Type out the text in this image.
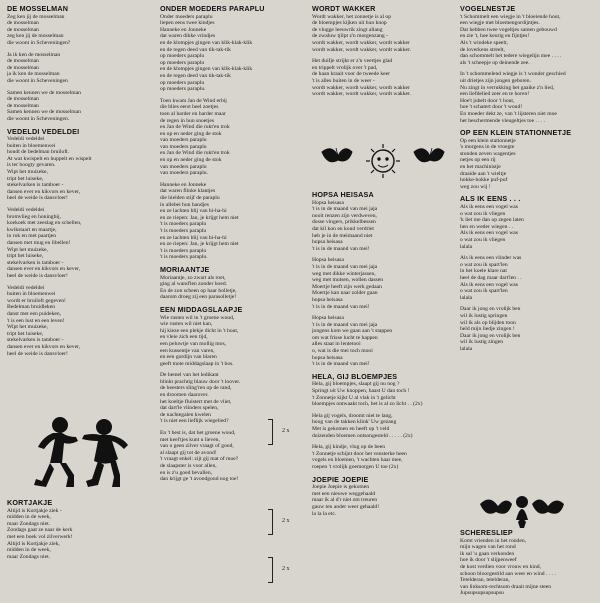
DE MOSSELMAN
Zeg ken jij de mosselman
de mosselman
de mosselman
zeg ken jij de mosselman
die woont in Scheveningen?
Ja ik ken de mosselman
de mosselman
de mosselman
ja ik ken de mosselman
die woont in Scheveningen
Samen kennen we de mosselman
de mosselman
de mosselman
Samen kennen we de mosselman
die woont in Scheveningen.
VEDELDI VEDELDEI
Vedeldi vedeldei
buiten in bloemenwei
houdt de bedelman bruiloft.
At wat kwispelt en huppelt en wispelt
is ter hoogty gevaren.
Wipt het muizeke,
tript het luiseke,
stekelvarken is tamboer -
dansen ever en kikvors en kever,
heel de weide is dansvloer!
Vedeldi vedeldei
bromvlieg en honingbij,
koekoek met zeeslag en schellen,
kwikstaart en maartje,
in rok en met paartjen
dansen met mug en libellen!
Wipt het muizeke,
tript het luiseke,
stekelvarken is tamboer -
dansen ever en kikvors en kever,
heel de weide is dansvloer!
Vedeldi vedeldei
buiten in bloemenwei
wordt er bruiloft gegeven!
Bedelman bruidleken
danst met een puideken,
't is een lust en een leven!
Wipt het muizeke,
tript het luiseke,
stekelvarken is tamboer -
dansen ever en kikvors en kever,
heel de weide is dansvloer!
KORTJAKJE
Altijd is Kortjakje ziek -
midden in de week,
maar Zondags niet.
Zondags gaat ze naar de kerk
met een boek vol zilverwerk!
Altijd is Kortjakje ziek,
midden in de week,
maar Zondags niet.
ONDER MOEDERS PARAPLU
Onder moeders paraplu
liepen eens twee kindjes
Hanneke en Jonneke
dat waren dikke vrindjes
en de klompjes gingen van klik-klak-klik
en de regen deed van tik-tak-tik
op moeders paraplu
op moeders paraplu
en de klompjes gingen van klik-klak-klik
en de regen deed van tik-tak-tik
op moeders paraplu
op moeders paraplu.
Toen kwam Jan de Wind erbij
die blies eerst heel zoetjes
toen al harder en harder maar
de regen in hun snoetjes
en Jan de Wind die rukt'en trok
en op en neder ging de stok
van moeders paraplu
van moeders paraplu
en Jan de Wind die rukt'en trok
en op en neder ging de stok
van moeders paraplu
van moeders paraplu.
Hanneke en Jonneke
dat waren flinke klantjes
die hielden stijf de paraplu
in allebei hun handjes
en ze lachten blij van hi-ha-hi
en ze riepen: Jan, je krijgt hem niet
't is moeders paraplu
't is moeders paraplu
en ze lachten blij van hi-ha-hi
en ze riepen: Jan, je krijgt hem niet
't is moeders paraplu
't is moeders paraplu.
MORIAANTJE
Moriaantje, zo zwart als roet,
ging al wand'len zonder hoed.
En de zon scheen op haar bolletje,
daarom droeg zij een parasolletje!
EEN MIDDAGSLAAPJE
Wie rusten wil in 't groene woud,
wie rusten wil niet kan,
hij kieze een plekje dicht in 't hout,
en vleie zich een tijd,
een peluwtje van mollig mos,
een kussentje van varen,
en een gordijn van blaren
geeft mote middagslaap in 't bos.
De hemel van het ledikant
blinkt prachtig blauw door 't loover.
de heesters sling'ren op de rand,
en droomen daarover.
het koeltje fluistert met de vliet,
dat dart'le vlinders spelen,
de nachtegalen kwelen
't is niet een lieflijk wiegelied?
En 't best is, dat het groene woud,
met keel'tjes kunt u lieven,
van u geen zilver vraagt of goud,
al slaapt gij tot de avond!
't vraagt enkel: zijt gij mat of moe?
de slaapster is voor allen,
en is z'u goed bevallen,
dan krijgt ge 't avondgoud nog toe!
2 x
2 x
2 x
WORDT WAKKER
Wordt wakker, het zonnetje is al op
de bloempjes kijken uit hun knop
de vlugge leeuwrik zingt allang
de zwaluw tjilpt z'n morgenzang -
wordt wakker, wordt wakker, wordt wakker
wordt wakker, wordt wakker, wordt wakker.
Het duifje strijkt er z'n veertjes glad
en trippelt vrolijk over 't pad,
de haan kraait voor de tweede keer
't is alles buiten in de weer -
wordt wakker, wordt wakker, wordt wakker
wordt wakker, wordt wakker, wordt wakker.
HOPSA HEISASA
Hopsa heisasa
't is in de maand van mei jaja
nooit renzen zijn verdweven,
dosse vingers, prikkelbessen
dat kil kon en koud verdriet
heb je in de meimaand niet
hopsa heisasa
't is in de maand van mei!
Hopsa heisasa
't is in de maand van mei jaja
weg met dikke winterjassen,
weg met mutsen, wollen dassen
Moertje heeft zijn werk gedaan
Moertje kan naar zolder gaan
hopsa heisasa
't is in de maand van mei!
Hopsa heisasa
't is in de maand van mei jaja
jongens kom we gaan aan 't stappen
om wat frisse lucht te happen
alles staat in lentetooi
o, wat is die mei toch mooi
hopsa heisasa
't is in de maand van mei!
HELA, GIJ BLOEMPJES
Hela, gij bloempjes, slaapt gij nu nog ?
Springt uit Uw knoppen, haast U dan toch !
't Zonnetje kijkt U al vlak in 't gelicht
bloempjes ontwaakt toch, het is al zo licht . . (2x)
Hela gij vogels, droomt niet te lang,
hoog van de takken klink' Uw gezang
Met is gekomen en heeft op 't veld
duizenden bloemen ontsongesteld . . . . . (2x)
Hela, gij kindje, vlug op de been
't Zonnetje schijnt door het vensterke heen
vogels en bloemen, 't wachten haar mee,
roepen 't vrolijk goemorgen U toe (2x)
JOEPIE JOEPIE
Joepie Joepie is gekomen
met een nieuwe weggehaald
maar ik al d'r niet om treuren
gauw ten ander weer gehaald!
la la la etc.
VOGELNESTJE
't Schommelt een wiegje in 't bloeiende hout,
een wiegje met bloemengordijntjes.
Dat hebben twee vogeltjes samen gebouwd
en zie 't, hoe keurig en fijntjes!
Als 't windeke speelt,
de loverkens streelt,
dan schommelt het tedere wiegelijn mee . . . .
als 't scheepje op deinende zee.
In 't schommelend wiegje is 't wonder geschied
uit drietjes zijn jongen geboren.
Nu zingt in verrukking het gaaike z'n lied,
een liefdelied zeer en te horen!
Hoe't jubelt door 't hout,
hoe 't schatert door 't woud!
En moeder dekt ze, van 't lijsteren niet moe
het beschermende vleugeltjes toe . . . .
OP EEN KLEIN STATIONNETJE
Op een klein stationnetje
's morgens in de vroegte
stonden zeven wagentjes
netjes op een rij
en het machinistje
draaide aan 't wieltje
hokke-hokke puf-puf
weg zou wij !
ALS IK EENS . . .
Als ik eens een vogel was
o wat zou ik vliegen
'k liet me dan op zegen laten
hen en weder wiegen . .
Als ik eens een vogel was
o wat zou ik vliegen
lalala
Als ik eens een vlinder was
o wat zou ik spart'len
in het koele klare nat
heel de dag maar dart'len . .
Als ik eens een vogel was
o wat zou ik spart'len
lalala
Daar ik jong en vrolijk ben
wil ik lustig springen
wil ik als op blijden toon
held mijn liedje zingen !
Daar ik jong en vrolijk ben
wil ik lustig zingen
lalala
SCHERESLIEP
Komt vrienden in het ronden,
mijn wagen van het rond
ik sal 'u gaan verkonden
hoe ik door 't slijpenweef
de kost verdien voor vrouw en kind,
schoon bloorgestild aan weer en wind . . . .
Tetelderan, tetelderan,
van linksom-rechtsom draait mijne steen
Jupsupsupsupsupsu
